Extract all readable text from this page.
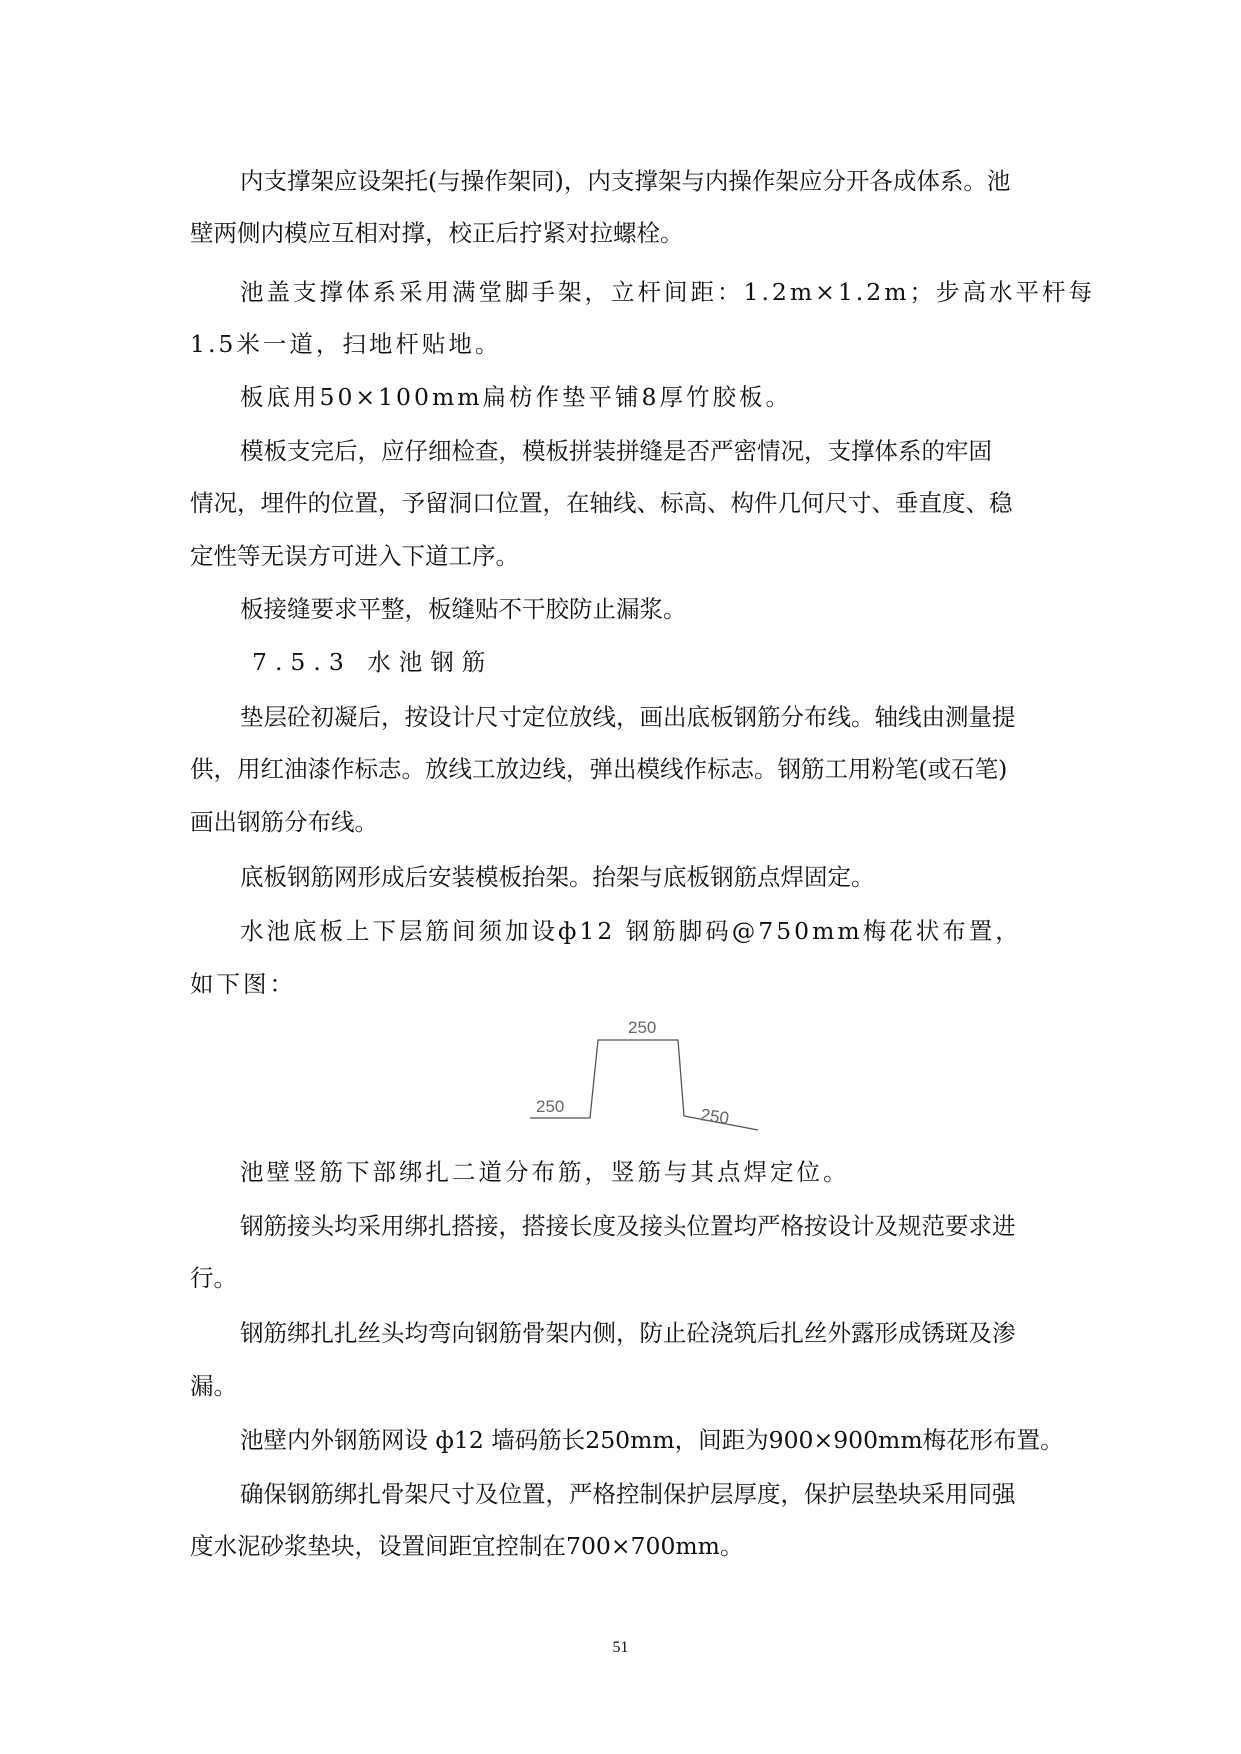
内支撑架应设架托(与操作架同)，内支撑架与内操作架应分开各成体系。池
壁两侧内模应互相对撑，校正后拧紧对拉螺栓。
池盖支撑体系采用满堂脚手架，立杆间距：1.2m×1.2m；步高水平杆每
1.5米一道，扫地杆贴地。
板底用50×100mm扁枋作垫平铺8厚竹胶板。
模板支完后，应仔细检查，模板拼装拼缝是否严密情况，支撑体系的牢固
情况，埋件的位置，予留洞口位置，在轴线、标高、构件几何尺寸、垂直度、稳
定性等无误方可进入下道工序。
板接缝要求平整，板缝贴不干胶防止漏浆。
7.5.3 水池钢筋
垫层砼初凝后，按设计尺寸定位放线，画出底板钢筋分布线。轴线由测量提
供，用红油漆作标志。放线工放边线，弹出模线作标志。钢筋工用粉笔(或石笔)
画出钢筋分布线。
底板钢筋网形成后安装模板抬架。抬架与底板钢筋点焊固定。
水池底板上下层筋间须加设ф12 钢筋脚码@750mm梅花状布置，
如下图：
250
250	250
池壁竖筋下部绑扎二道分布筋，竖筋与其点焊定位。
钢筋接头均采用绑扎搭接，搭接长度及接头位置均严格按设计及规范要求进
行。
钢筋绑扎扎丝头均弯向钢筋骨架内侧，防止砼浇筑后扎丝外露形成锈斑及渗
漏。
池壁内外钢筋网设 ф12 墙码筋长250mm，间距为900×900mm梅花形布置。
确保钢筋绑扎骨架尺寸及位置，严格控制保护层厚度，保护层垫块采用同强
度水泥砂浆垫块，设置间距宜控制在700×700mm。
51
